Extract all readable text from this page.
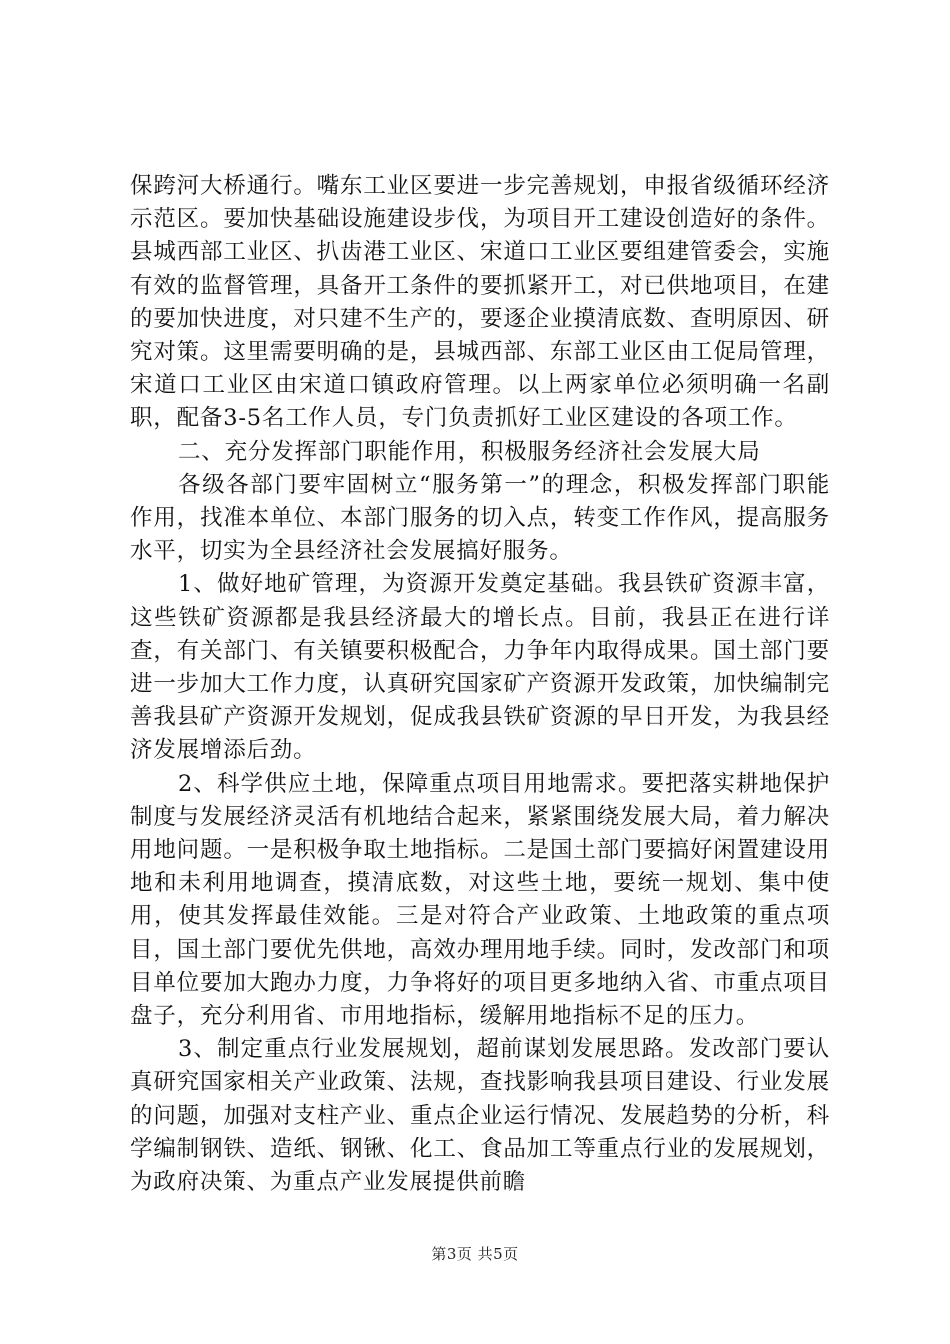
保跨河大桥通行。嘴东工业区要进一步完善规划，申报省级循环经济示范区。要加快基础设施建设步伐，为项目开工建设创造好的条件。县城西部工业区、扒齿港工业区、宋道口工业区要组建管委会，实施有效的监督管理，具备开工条件的要抓紧开工，对已供地项目，在建的要加快进度，对只建不生产的，要逐企业摸清底数、查明原因、研究对策。这里需要明确的是，县城西部、东部工业区由工促局管理，宋道口工业区由宋道口镇政府管理。以上两家单位必须明确一名副职，配备3-5名工作人员，专门负责抓好工业区建设的各项工作。

二、充分发挥部门职能作用，积极服务经济社会发展大局

各级各部门要牢固树立“服务第一”的理念，积极发挥部门职能作用，找准本单位、本部门服务的切入点，转变工作作风，提高服务水平，切实为全县经济社会发展搞好服务。

1、做好地矿管理，为资源开发奠定基础。我县铁矿资源丰富，这些铁矿资源都是我县经济最大的增长点。目前，我县正在进行详查，有关部门、有关镇要积极配合，力争年内取得成果。国土部门要进一步加大工作力度，认真研究国家矿产资源开发政策，加快编制完善我县矿产资源开发规划，促成我县铁矿资源的早日开发，为我县经济发展增添后劲。

2、科学供应土地，保障重点项目用地需求。要把落实耕地保护制度与发展经济灵活有机地结合起来，紧紧围绕发展大局，着力解决用地问题。一是积极争取土地指标。二是国土部门要搞好闲置建设用地和未利用地调查，摸清底数，对这些土地，要统一规划、集中使用，使其发挥最佳效能。三是对符合产业政策、土地政策的重点项目，国土部门要优先供地，高效办理用地手续。同时，发改部门和项目单位要加大跑办力度，力争将好的项目更多地纳入省、市重点项目盘子，充分利用省、市用地指标，缓解用地指标不足的压力。

3、制定重点行业发展规划，超前谋划发展思路。发改部门要认真研究国家相关产业政策、法规，查找影响我县项目建设、行业发展的问题，加强对支柱产业、重点企业运行情况、发展趋势的分析，科学编制钢铁、造纸、钢锹、化工、食品加工等重点行业的发展规划，为政府决策、为重点产业发展提供前瞻

第3页 共5页
